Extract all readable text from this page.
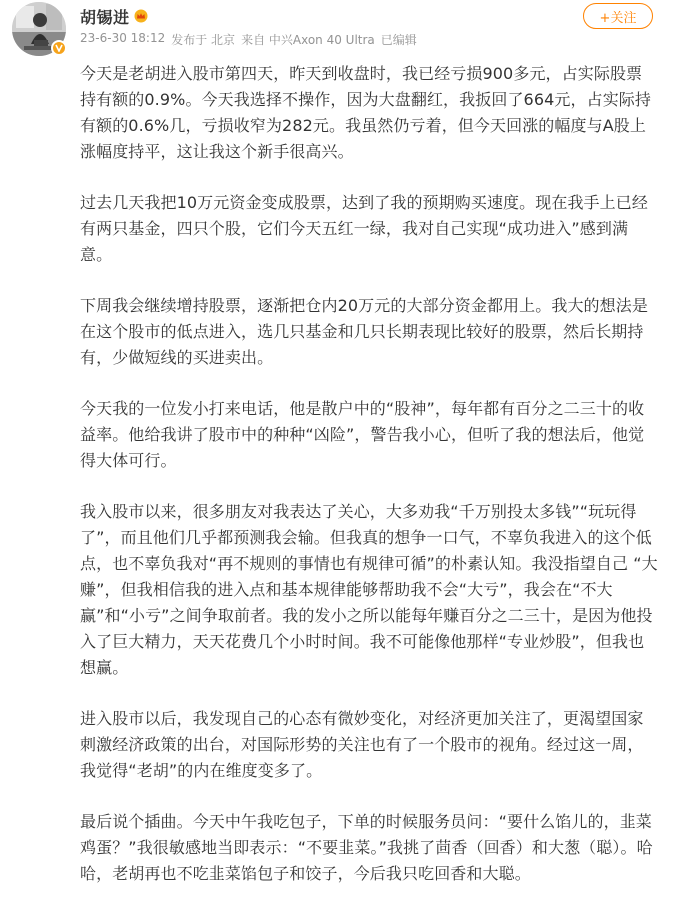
胡锡进
23-6-30 18:12 发布于 北京 来自 中兴Axon 40 Ultra 已编辑
+关注

今天是老胡进入股市第四天，昨天到收盘时，我已经亏损900多元，占实际股票持有额的0.9%。今天我选择不操作，因为大盘翻红，我扳回了664元，占实际持有额的0.6%几，亏损收窄为282元。我虽然仍亏着，但今天回涨的幅度与A股上涨幅度持平，这让我这个新手很高兴。

过去几天我把10万元资金变成股票，达到了我的预期购买速度。现在我手上已经有两只基金，四只个股，它们今天五红一绿，我对自己实现“成功进入”感到满意。

下周我会继续增持股票，逐渐把仓内20万元的大部分资金都用上。我大的想法是在这个股市的低点进入，选几只基金和几只长期表现比较好的股票，然后长期持有，少做短线的买进卖出。

今天我的一位发小打来电话，他是散户中的“股神”，每年都有百分之二三十的收益率。他给我讲了股市中的种种“凶险”，警告我小心，但听了我的想法后，他觉得大体可行。

我入股市以来，很多朋友对我表达了关心，大多劝我“千万别投太多钱”“玩玩得了”，而且他们几乎都预测我会输。但我真的想争一口气，不辜负我进入的这个低点，也不辜负我对“再不规则的事情也有规律可循”的朴素认知。我没指望自己 “大赚”，但我相信我的进入点和基本规律能够帮助我不会“大亏”，我会在“不大赢”和“小亏”之间争取前者。我的发小之所以能每年赚百分之二三十，是因为他投入了巨大精力，天天花费几个小时时间。我不可能像他那样“专业炒股”，但我也想赢。

进入股市以后，我发现自己的心态有微妙变化，对经济更加关注了，更渴望国家刺激经济政策的出台，对国际形势的关注也有了一个股市的视角。经过这一周，我觉得“老胡”的内在维度变多了。

最后说个插曲。今天中午我吃包子，下单的时候服务员问：“要什么馅儿的，韭菜鸡蛋？”我很敏感地当即表示：“不要韭菜。”我挑了茴香（回香）和大葱（聪）。哈哈，老胡再也不吃韭菜馅包子和饺子，今后我只吃回香和大聪。
